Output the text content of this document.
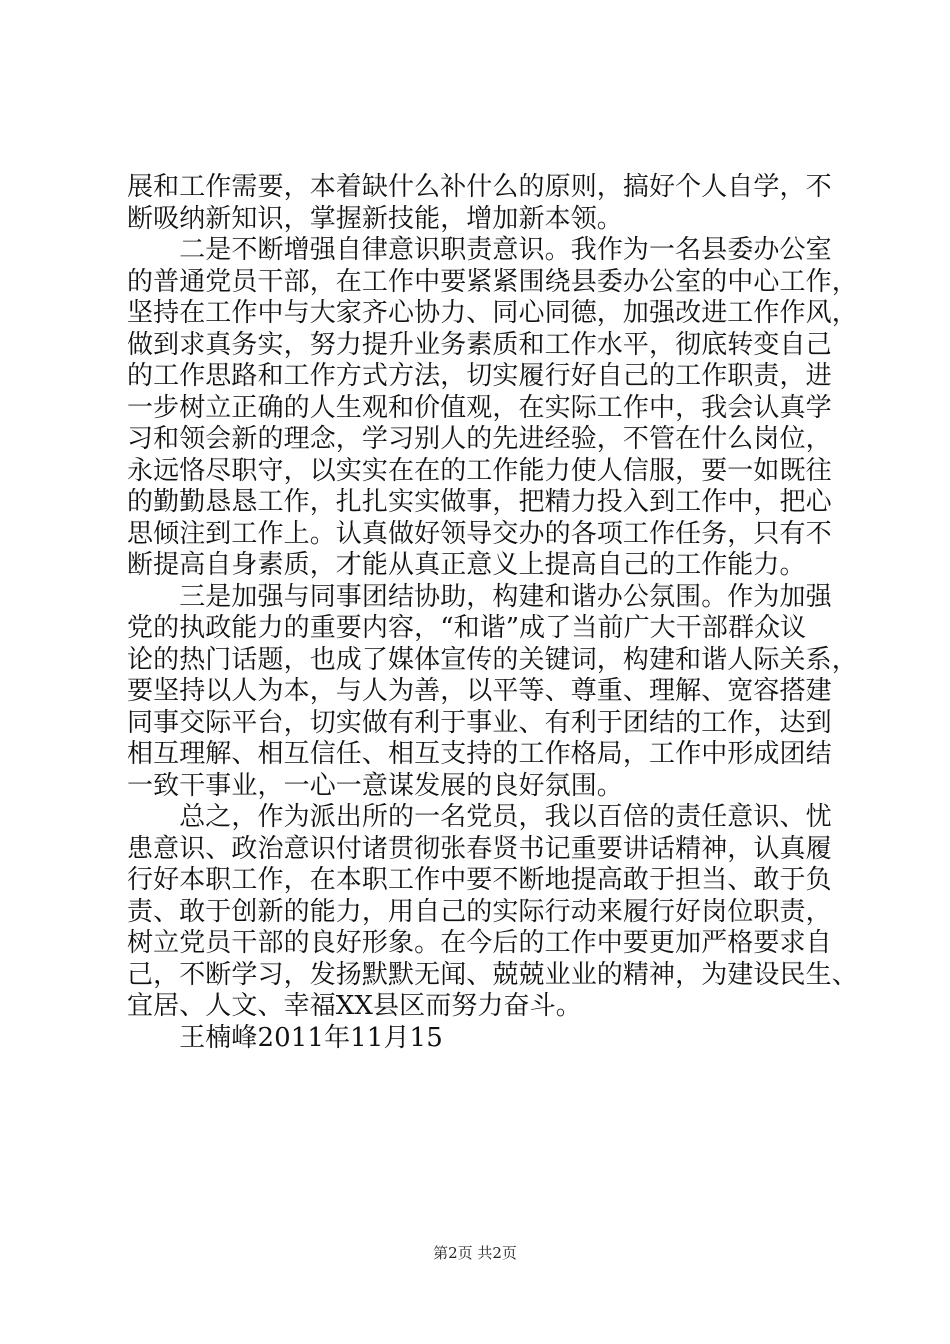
展和工作需要，本着缺什么补什么的原则，搞好个人自学，不
断吸纳新知识，掌握新技能，增加新本领。
　　二是不断增强自律意识职责意识。我作为一名县委办公室
的普通党员干部，在工作中要紧紧围绕县委办公室的中心工作，
坚持在工作中与大家齐心协力、同心同德，加强改进工作作风，
做到求真务实，努力提升业务素质和工作水平，彻底转变自己
的工作思路和工作方式方法，切实履行好自己的工作职责，进
一步树立正确的人生观和价值观，在实际工作中，我会认真学
习和领会新的理念，学习别人的先进经验，不管在什么岗位，
永远恪尽职守，以实实在在的工作能力使人信服，要一如既往
的勤勤恳恳工作，扎扎实实做事，把精力投入到工作中，把心
思倾注到工作上。认真做好领导交办的各项工作任务，只有不
断提高自身素质，才能从真正意义上提高自己的工作能力。
　　三是加强与同事团结协助，构建和谐办公氛围。作为加强
党的执政能力的重要内容，“和谐”成了当前广大干部群众议
论的热门话题，也成了媒体宣传的关键词，构建和谐人际关系，
要坚持以人为本，与人为善，以平等、尊重、理解、宽容搭建
同事交际平台，切实做有利于事业、有利于团结的工作，达到
相互理解、相互信任、相互支持的工作格局，工作中形成团结
一致干事业，一心一意谋发展的良好氛围。
　　总之，作为派出所的一名党员，我以百倍的责任意识、忧
患意识、政治意识付诸贯彻张春贤书记重要讲话精神，认真履
行好本职工作，在本职工作中要不断地提高敢于担当、敢于负
责、敢于创新的能力，用自己的实际行动来履行好岗位职责，
树立党员干部的良好形象。在今后的工作中要更加严格要求自
己，不断学习，发扬默默无闻、兢兢业业的精神，为建设民生、
宜居、人文、幸福XX县区而努力奋斗。
　　王楠峰2011年11月15
第2页 共2页
